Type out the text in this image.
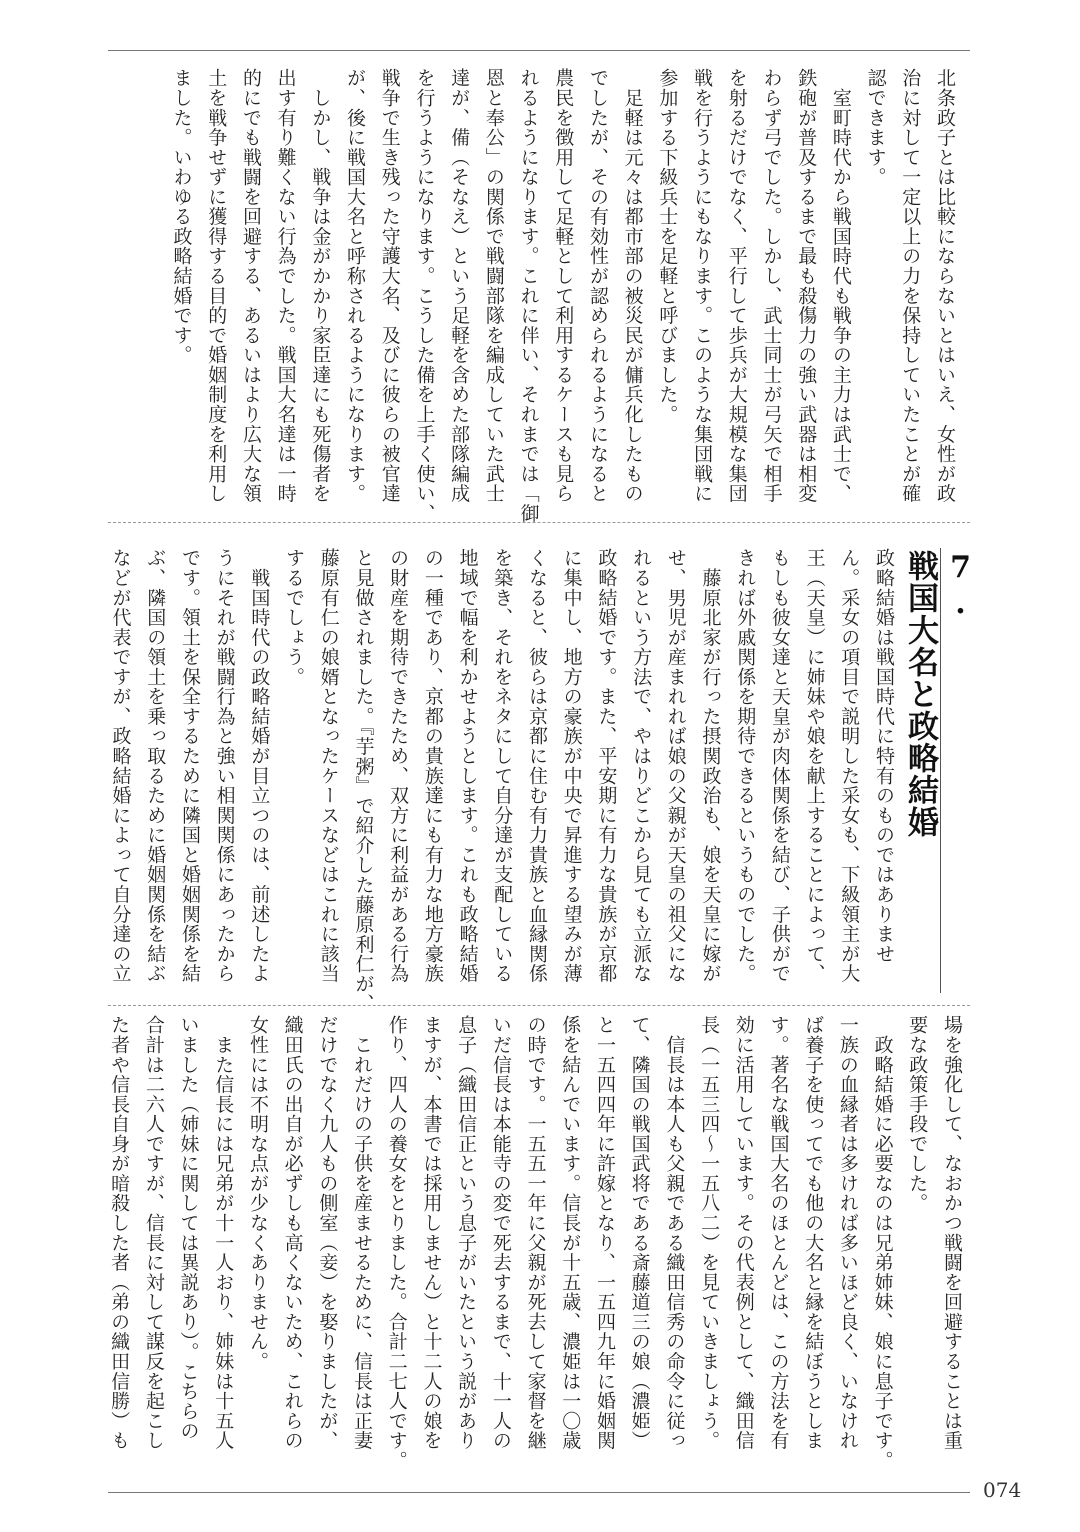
北条政子とは比較にならないとはいえ、女性が政
治に対して一定以上の力を保持していたことが確
認できます。
　室町時代から戦国時代も戦争の主力は武士で、
鉄砲が普及するまで最も殺傷力の強い武器は相変
わらず弓でした。しかし、武士同士が弓矢で相手
を射るだけでなく、平行して歩兵が大規模な集団
戦を行うようにもなります。このような集団戦に
参加する下級兵士を足軽と呼びました。
　足軽は元々は都市部の被災民が傭兵化したもの
でしたが、その有効性が認められるようになると
農民を徴用して足軽として利用するケースも見ら
れるようになります。これに伴い、それまでは「御
恩と奉公」の関係で戦闘部隊を編成していた武士
達が、備（そなえ）という足軽を含めた部隊編成
を行うようになります。こうした備を上手く使い、
戦争で生き残った守護大名、及びに彼らの被官達
が、後に戦国大名と呼称されるようになります。
　しかし、戦争は金がかかり家臣達にも死傷者を
出す有り難くない行為でした。戦国大名達は一時
的にでも戦闘を回避する、あるいはより広大な領
土を戦争せずに獲得する目的で婚姻制度を利用し
ました。いわゆる政略結婚です。
7.
戦国大名と政略結婚
政略結婚は戦国時代に特有のものではありませ
ん。采女の項目で説明した采女も、下級領主が大
王（天皇）に姉妹や娘を献上することによって、
もしも彼女達と天皇が肉体関係を結び、子供がで
きれば外戚関係を期待できるというものでした。
　藤原北家が行った摂関政治も、娘を天皇に嫁が
せ、男児が産まれれば娘の父親が天皇の祖父にな
れるという方法で、やはりどこから見ても立派な
政略結婚です。また、平安期に有力な貴族が京都
に集中し、地方の豪族が中央で昇進する望みが薄
くなると、彼らは京都に住む有力貴族と血縁関係
を築き、それをネタにして自分達が支配している
地域で幅を利かせようとします。これも政略結婚
の一種であり、京都の貴族達にも有力な地方豪族
の財産を期待できたため、双方に利益がある行為
と見做されました。『芋粥』で紹介した藤原利仁が、
藤原有仁の娘婿となったケースなどはこれに該当
するでしょう。
　戦国時代の政略結婚が目立つのは、前述したよ
うにそれが戦闘行為と強い相関関係にあったから
です。領土を保全するために隣国と婚姻関係を結
ぶ、隣国の領土を乗っ取るために婚姻関係を結ぶ
などが代表ですが、政略結婚によって自分達の立
場を強化して、なおかつ戦闘を回避することは重
要な政策手段でした。
　政略結婚に必要なのは兄弟姉妹、娘に息子です。
一族の血縁者は多ければ多いほど良く、いなけれ
ば養子を使ってでも他の大名と縁を結ぼうとしま
す。著名な戦国大名のほとんどは、この方法を有
効に活用しています。その代表例として、織田信
長（一五三四～一五八二）を見ていきましょう。
　信長は本人も父親である織田信秀の命令に従っ
て、隣国の戦国武将である斎藤道三の娘（濃姫）
と一五四四年に許嫁となり、一五四九年に婚姻関
係を結んでいます。信長が十五歳、濃姫は一〇歳
の時です。一五五一年に父親が死去して家督を継
いだ信長は本能寺の変で死去するまで、十一人の
息子（織田信正という息子がいたという説があり
ますが、本書では採用しません）と十二人の娘を
作り、四人の養女をとりました。合計二七人です。
　これだけの子供を産ませるために、信長は正妻
だけでなく九人もの側室（妾）を娶りましたが、
織田氏の出自が必ずしも高くないため、これらの
女性には不明な点が少なくありません。
　また信長には兄弟が十一人おり、姉妹は十五人
いました（姉妹に関しては異説あり）。こちらの
合計は二六人ですが、信長に対して謀反を起こし
た者や信長自身が暗殺した者（弟の織田信勝）も
074
